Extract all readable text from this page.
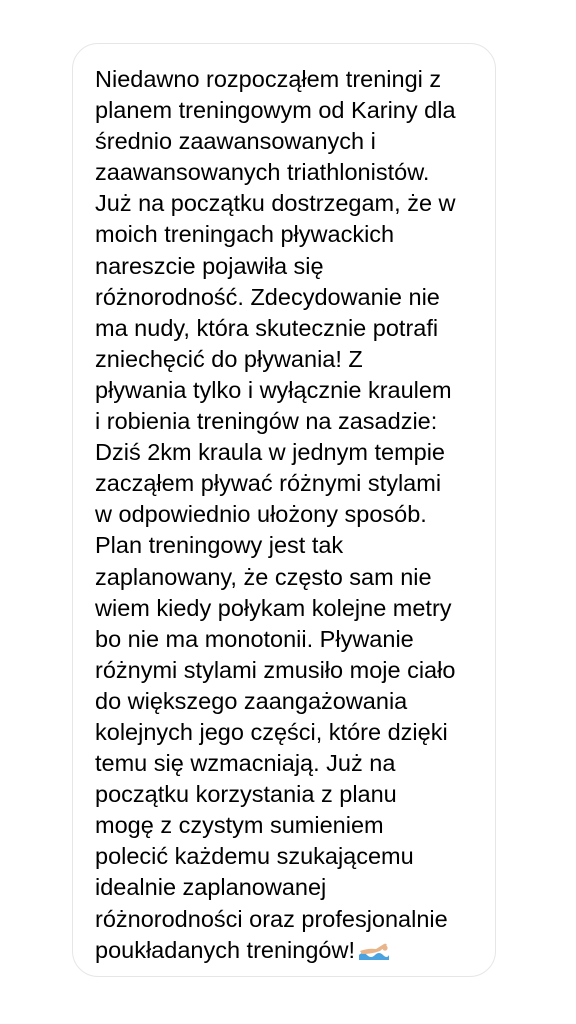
Niedawno rozpocząłem treningi z
planem treningowym od Kariny dla
średnio zaawansowanych i
zaawansowanych triathlonistów.
Już na początku dostrzegam, że w
moich treningach pływackich
nareszcie pojawiła się
różnorodność. Zdecydowanie nie
ma nudy, która skutecznie potrafi
zniechęcić do pływania! Z
pływania tylko i wyłącznie kraulem
i robienia treningów na zasadzie:
Dziś 2km kraula w jednym tempie
zacząłem pływać różnymi stylami
w odpowiednio ułożony sposób.
Plan treningowy jest tak
zaplanowany, że często sam nie
wiem kiedy połykam kolejne metry
bo nie ma monotonii. Pływanie
różnymi stylami zmusiło moje ciało
do większego zaangażowania
kolejnych jego części, które dzięki
temu się wzmacniają. Już na
początku korzystania z planu
mogę z czystym sumieniem
polecić każdemu szukającemu
idealnie zaplanowanej
różnorodności oraz profesjonalnie
poukładanych treningów!
